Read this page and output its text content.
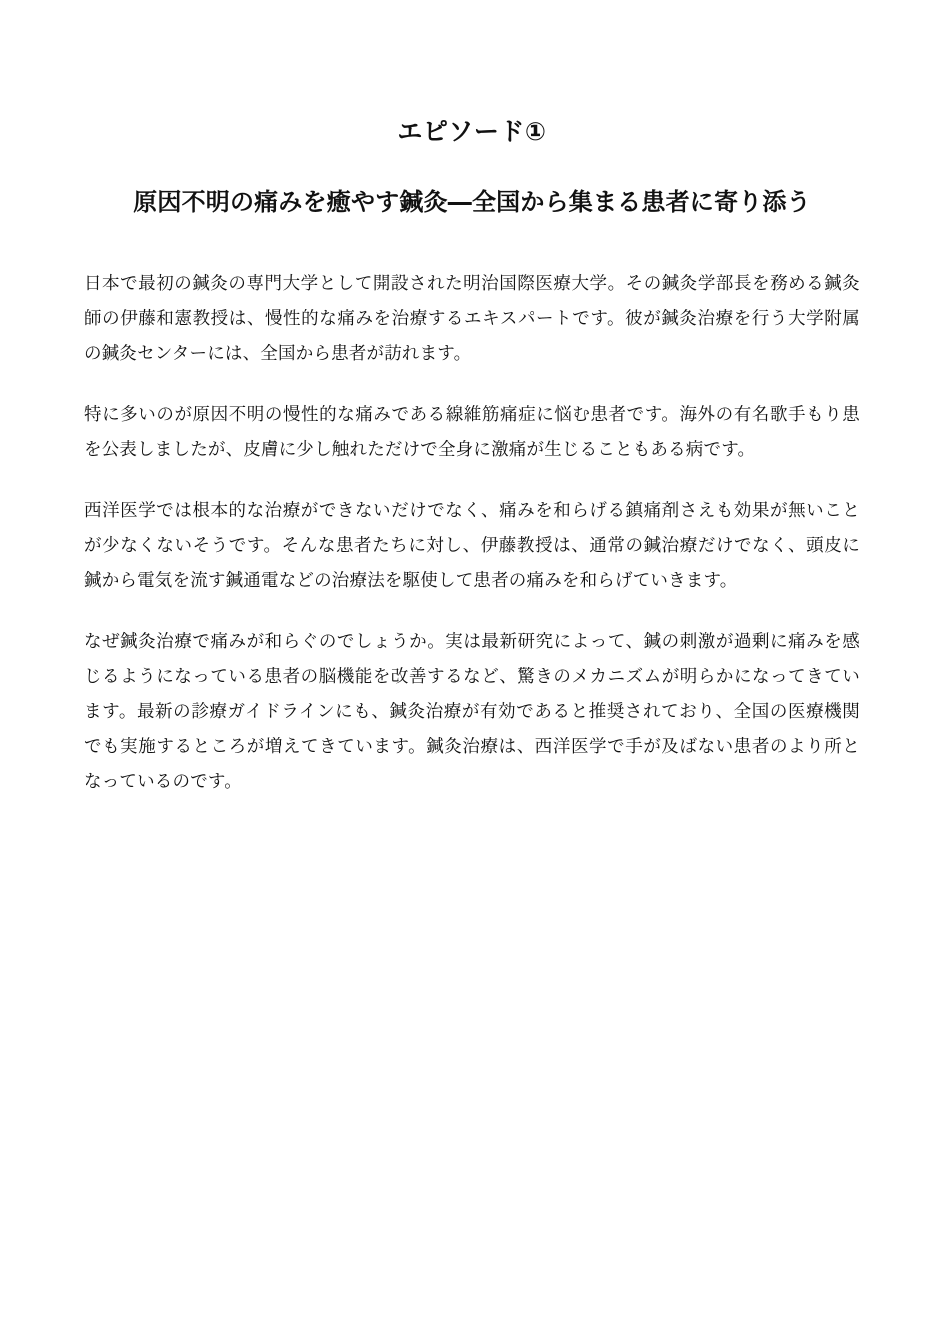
エピソード①
原因不明の痛みを癒やす鍼灸―全国から集まる患者に寄り添う

日本で最初の鍼灸の専門大学として開設された明治国際医療大学。その鍼灸学部長を務める鍼灸師の伊藤和憲教授は、慢性的な痛みを治療するエキスパートです。彼が鍼灸治療を行う大学附属の鍼灸センターには、全国から患者が訪れます。

特に多いのが原因不明の慢性的な痛みである線維筋痛症に悩む患者です。海外の有名歌手もり患を公表しましたが、皮膚に少し触れただけで全身に激痛が生じることもある病です。

西洋医学では根本的な治療ができないだけでなく、痛みを和らげる鎮痛剤さえも効果が無いことが少なくないそうです。そんな患者たちに対し、伊藤教授は、通常の鍼治療だけでなく、頭皮に鍼から電気を流す鍼通電などの治療法を駆使して患者の痛みを和らげていきます。

なぜ鍼灸治療で痛みが和らぐのでしょうか。実は最新研究によって、鍼の刺激が過剰に痛みを感じるようになっている患者の脳機能を改善するなど、驚きのメカニズムが明らかになってきています。最新の診療ガイドラインにも、鍼灸治療が有効であると推奨されており、全国の医療機関でも実施するところが増えてきています。鍼灸治療は、西洋医学で手が及ばない患者のより所となっているのです。
